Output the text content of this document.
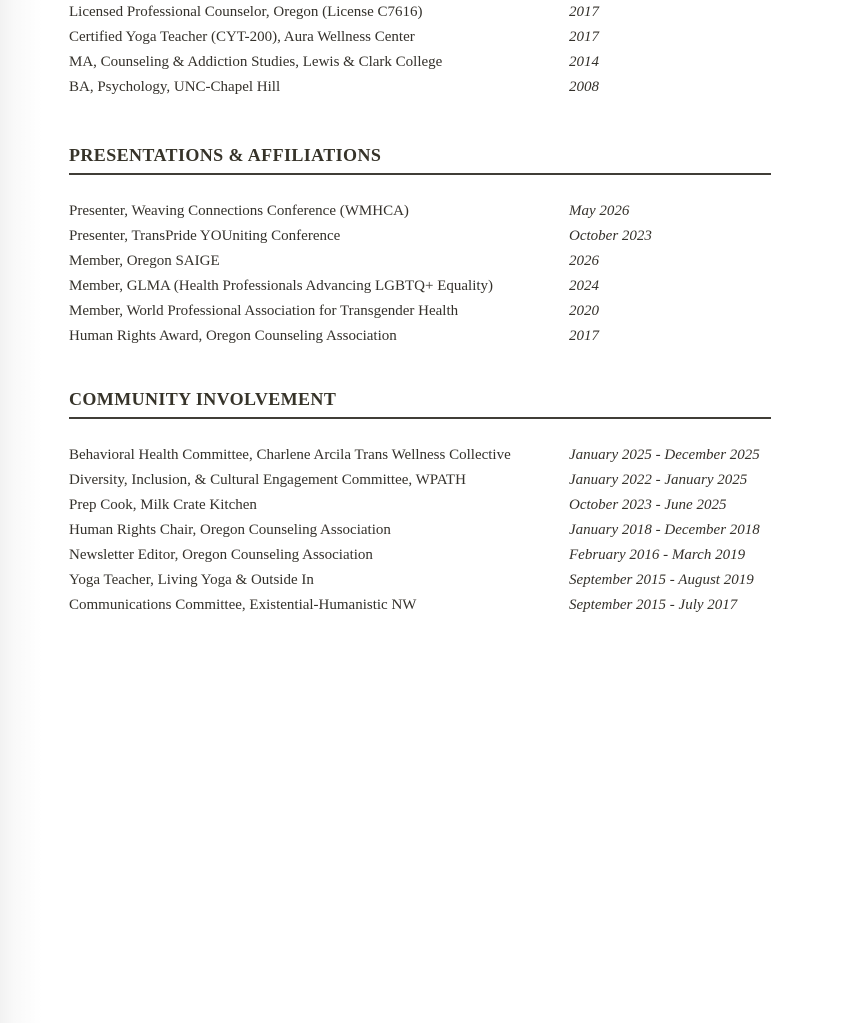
Licensed Professional Counselor, Oregon (License C7616)	2017
Certified Yoga Teacher (CYT-200), Aura Wellness Center	2017
MA, Counseling & Addiction Studies, Lewis & Clark College	2014
BA, Psychology, UNC-Chapel Hill	2008
PRESENTATIONS & AFFILIATIONS
Presenter, Weaving Connections Conference (WMHCA)	May 2026
Presenter, TransPride YOUniting Conference	October 2023
Member, Oregon SAIGE	2026
Member, GLMA (Health Professionals Advancing LGBTQ+ Equality)	2024
Member, World Professional Association for Transgender Health	2020
Human Rights Award, Oregon Counseling Association	2017
COMMUNITY INVOLVEMENT
Behavioral Health Committee, Charlene Arcila Trans Wellness Collective	January 2025 - December 2025
Diversity, Inclusion, & Cultural Engagement Committee, WPATH	January 2022 - January 2025
Prep Cook, Milk Crate Kitchen	October 2023 - June 2025
Human Rights Chair, Oregon Counseling Association	January 2018 - December 2018
Newsletter Editor, Oregon Counseling Association	February 2016 - March 2019
Yoga Teacher, Living Yoga & Outside In	September 2015 - August 2019
Communications Committee, Existential-Humanistic NW	September 2015 - July 2017
